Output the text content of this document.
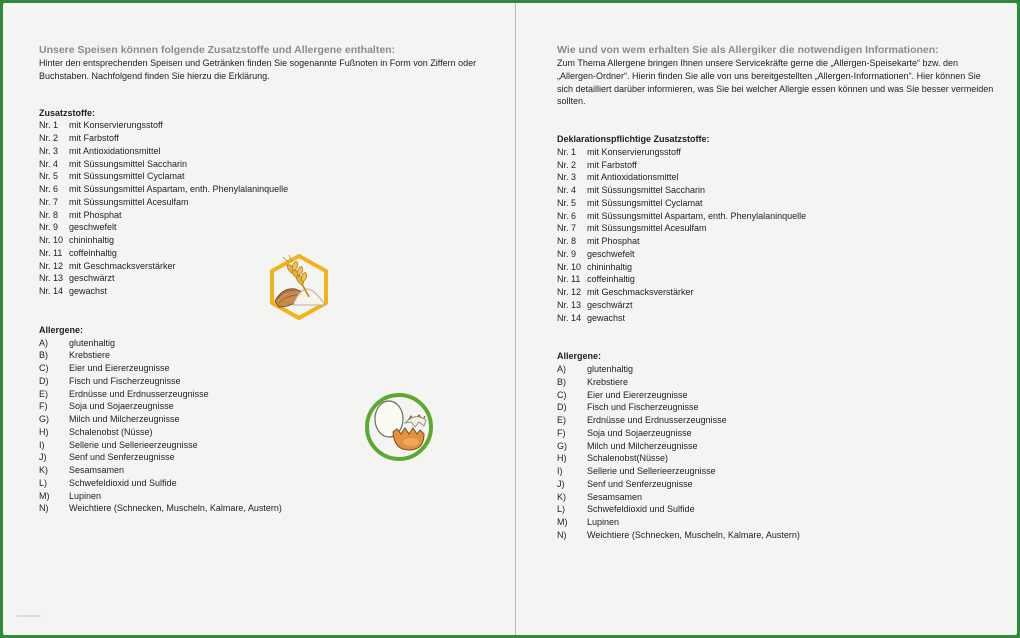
Unsere Speisen können folgende Zusatzstoffe und Allergene enthalten:

Hinter den entsprechenden Speisen und Getränken finden Sie sogenannte Fußnoten in Form von Ziffern oder Buchstaben. Nachfolgend finden Sie hierzu die Erklärung.

Zusatzstoffe:

Nr. 1	mit Konservierungsstoff
Nr. 2	mit Farbstoff
Nr. 3	mit Antioxidationsmittel
Nr. 4	mit Süssungsmittel Saccharin
Nr. 5	mit Süssungsmittel Cyclamat
Nr. 6	mit Süssungsmittel Aspartam, enth. Phenylalaninquelle
Nr. 7	mit Süssungsmittel Acesulfam
Nr. 8	mit Phosphat
Nr. 9	geschwefelt
Nr. 10 chininhaltig
Nr. 11 coffeinhaltig
Nr. 12 mit Geschmacksverstärker
Nr. 13 geschwärzt
Nr. 14 gewachst

Allergene:

A)	glutenhaltig
B)	Krebstiere
C)	Eier und Eiererzeugnisse
D)	Fisch und Fischerzeugnisse
E)	Erdnüsse und Erdnusserzeugnisse
F)	Soja und Sojaerzeugnisse
G)	Milch und Milcherzeugnisse
H)	Schalenobst (Nüsse)
I)	Sellerie und Sellerieerzeugnisse
J)	Senf und Senferzeugnisse
K)	Sesamsamen
L)	Schwefeldioxid und Sulfide
M)	Lupinen
N)	Weichtiere (Schnecken, Muscheln, Kalmare, Austern)

Wie und von wem erhalten Sie als Allergiker die notwendigen Informationen:

Zum Thema Allergene bringen Ihnen unsere Servicekräfte gerne die „Allergen-Speisekarte“ bzw. den „Allergen-Ordner“. Hierin finden Sie alle von uns bereitgestellten „Allergen-Informationen“. Hier können Sie sich detailliert darüber informieren, was Sie bei welcher Allergie essen können und was Sie besser vermeiden sollten.

Deklarationspflichtige Zusatzstoffe:

Nr. 1	mit Konservierungsstoff
Nr. 2	mit Farbstoff
Nr. 3	mit Antioxidationsmittel
Nr. 4	mit Süssungsmittel Saccharin
Nr. 5	mit Süssungsmittel Cyclamat
Nr. 6	mit Süssungsmittel Aspartam, enth. Phenylalaninquelle
Nr. 7	mit Süssungsmittel Acesulfam
Nr. 8	mit Phosphat
Nr. 9	geschwefelt
Nr. 10 chininhaltig
Nr. 11 coffeinhaltig
Nr. 12 mit Geschmacksverstärker
Nr. 13 geschwärzt
Nr. 14 gewachst

Allergene:

A)	glutenhaltig
B)	Krebstiere
C)	Eier und Eiererzeugnisse
D)	Fisch und Fischerzeugnisse
E)	Erdnüsse und Erdnusserzeugnisse
F)	Soja und Sojaerzeugnisse
G)	Milch und Milcherzeugnisse
H)	Schalenobst(Nüsse)
I)	Sellerie und Sellerieerzeugnisse
J)	Senf und Senferzeugnisse
K)	Sesamsamen
L)	Schwefeldioxid und Sulfide
M)	Lupinen
N)	Weichtiere (Schnecken, Muscheln, Kalmare, Austern)
